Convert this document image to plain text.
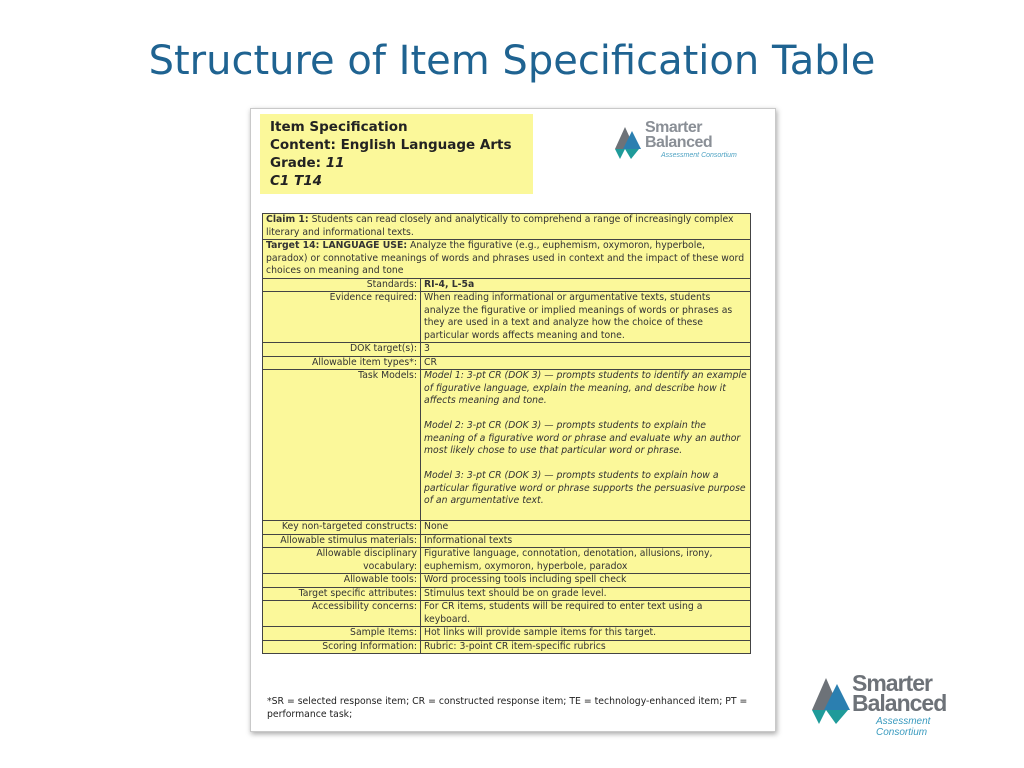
Structure of Item Specification Table
Item Specification
Content: English Language Arts
Grade: 11
C1 T14
Smarter
Balanced
Assessment Consortium
Claim 1: Students can read closely and analytically to comprehend a range of increasingly complex literary and informational texts.	
Target 14: LANGUAGE USE: Analyze the figurative (e.g., euphemism, oxymoron, hyperbole, paradox) or connotative meanings of words and phrases used in context and the impact of these word choices on meaning and tone	
Standards:	RI-4, L-5a
Evidence required:	When reading informational or argumentative texts, students analyze the figurative or implied meanings of words or phrases as they are used in a text and analyze how the choice of these particular words affects meaning and tone.
DOK target(s):	3
Allowable item types*:	CR
Task Models:	Model 1: 3-pt CR (DOK 3) — prompts students to identify an example of figurative language, explain the meaning, and describe how it affects meaning and tone.
Model 2: 3-pt CR (DOK 3) — prompts students to explain the meaning of a figurative word or phrase and evaluate why an author most likely chose to use that particular word or phrase.
Model 3: 3-pt CR (DOK 3) — prompts students to explain how a particular figurative word or phrase supports the persuasive purpose of an argumentative text.

Key non-targeted constructs:	None
Allowable stimulus materials:	Informational texts
Allowable disciplinary vocabulary:	Figurative language, connotation, denotation, allusions, irony, euphemism, oxymoron, hyperbole, paradox
Allowable tools:	Word processing tools including spell check
Target specific attributes:	Stimulus text should be on grade level.
Accessibility concerns:	For CR items, students will be required to enter text using a keyboard.
Sample Items:	Hot links will provide sample items for this target.
Scoring Information:	Rubric: 3-point CR item-specific rubrics
*SR = selected response item; CR = constructed response item; TE = technology-enhanced item; PT = performance task;
Smarter
Balanced
Assessment Consortium
